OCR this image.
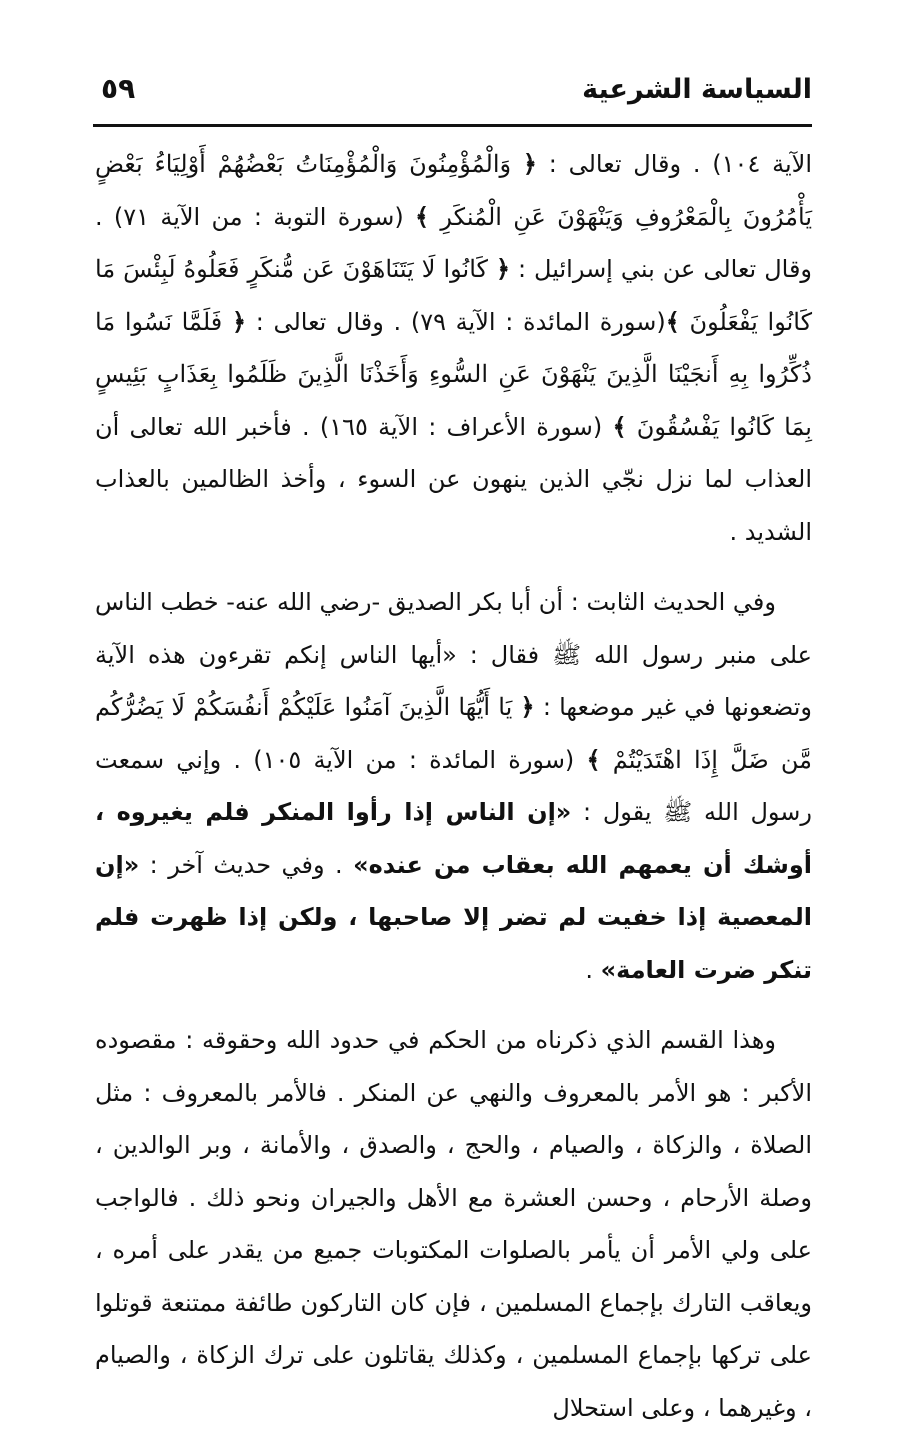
السياسة الشرعية
٥٩

الآية ١٠٤) . وقال تعالى : ﴿ وَالْمُؤْمِنُونَ وَالْمُؤْمِنَاتُ بَعْضُهُمْ أَوْلِيَاءُ بَعْضٍ يَأْمُرُونَ بِالْمَعْرُوفِ وَيَنْهَوْنَ عَنِ الْمُنكَرِ ﴾ (سورة التوبة : من الآية ٧١) . وقال تعالى عن بني إسرائيل : ﴿ كَانُوا لَا يَتَنَاهَوْنَ عَن مُّنكَرٍ فَعَلُوهُ لَبِئْسَ مَا كَانُوا يَفْعَلُونَ ﴾(سورة المائدة : الآية ٧٩) . وقال تعالى : ﴿ فَلَمَّا نَسُوا مَا ذُكِّرُوا بِهِ أَنجَيْنَا الَّذِينَ يَنْهَوْنَ عَنِ السُّوءِ وَأَخَذْنَا الَّذِينَ ظَلَمُوا بِعَذَابٍ بَئِيسٍ بِمَا كَانُوا يَفْسُقُونَ ﴾ (سورة الأعراف : الآية ١٦٥) . فأخبر الله تعالى أن العذاب لما نزل نجّي الذين ينهون عن السوء ، وأخذ الظالمين بالعذاب الشديد .

وفي الحديث الثابت : أن أبا بكر الصديق -رضي الله عنه- خطب الناس على منبر رسول الله ﷺ فقال : «أيها الناس إنكم تقرءون هذه الآية وتضعونها في غير موضعها : ﴿ يَا أَيُّهَا الَّذِينَ آمَنُوا عَلَيْكُمْ أَنفُسَكُمْ لَا يَضُرُّكُم مَّن ضَلَّ إِذَا اهْتَدَيْتُمْ ﴾ (سورة المائدة : من الآية ١٠٥) . وإني سمعت رسول الله ﷺ يقول : «إن الناس إذا رأوا المنكر فلم يغيروه ، أوشك أن يعمهم الله بعقاب من عنده» . وفي حديث آخر : «إن المعصية إذا خفيت لم تضر إلا صاحبها ، ولكن إذا ظهرت فلم تنكر ضرت العامة» .

وهذا القسم الذي ذكرناه من الحكم في حدود الله وحقوقه : مقصوده الأكبر : هو الأمر بالمعروف والنهي عن المنكر . فالأمر بالمعروف : مثل الصلاة ، والزكاة ، والصيام ، والحج ، والصدق ، والأمانة ، وبر الوالدين ، وصلة الأرحام ، وحسن العشرة مع الأهل والجيران ونحو ذلك . فالواجب على ولي الأمر أن يأمر بالصلوات المكتوبات جميع من يقدر على أمره ، ويعاقب التارك بإجماع المسلمين ، فإن كان التاركون طائفة ممتنعة قوتلوا على تركها بإجماع المسلمين ، وكذلك يقاتلون على ترك الزكاة ، والصيام ، وغيرهما ، وعلى استحلال
